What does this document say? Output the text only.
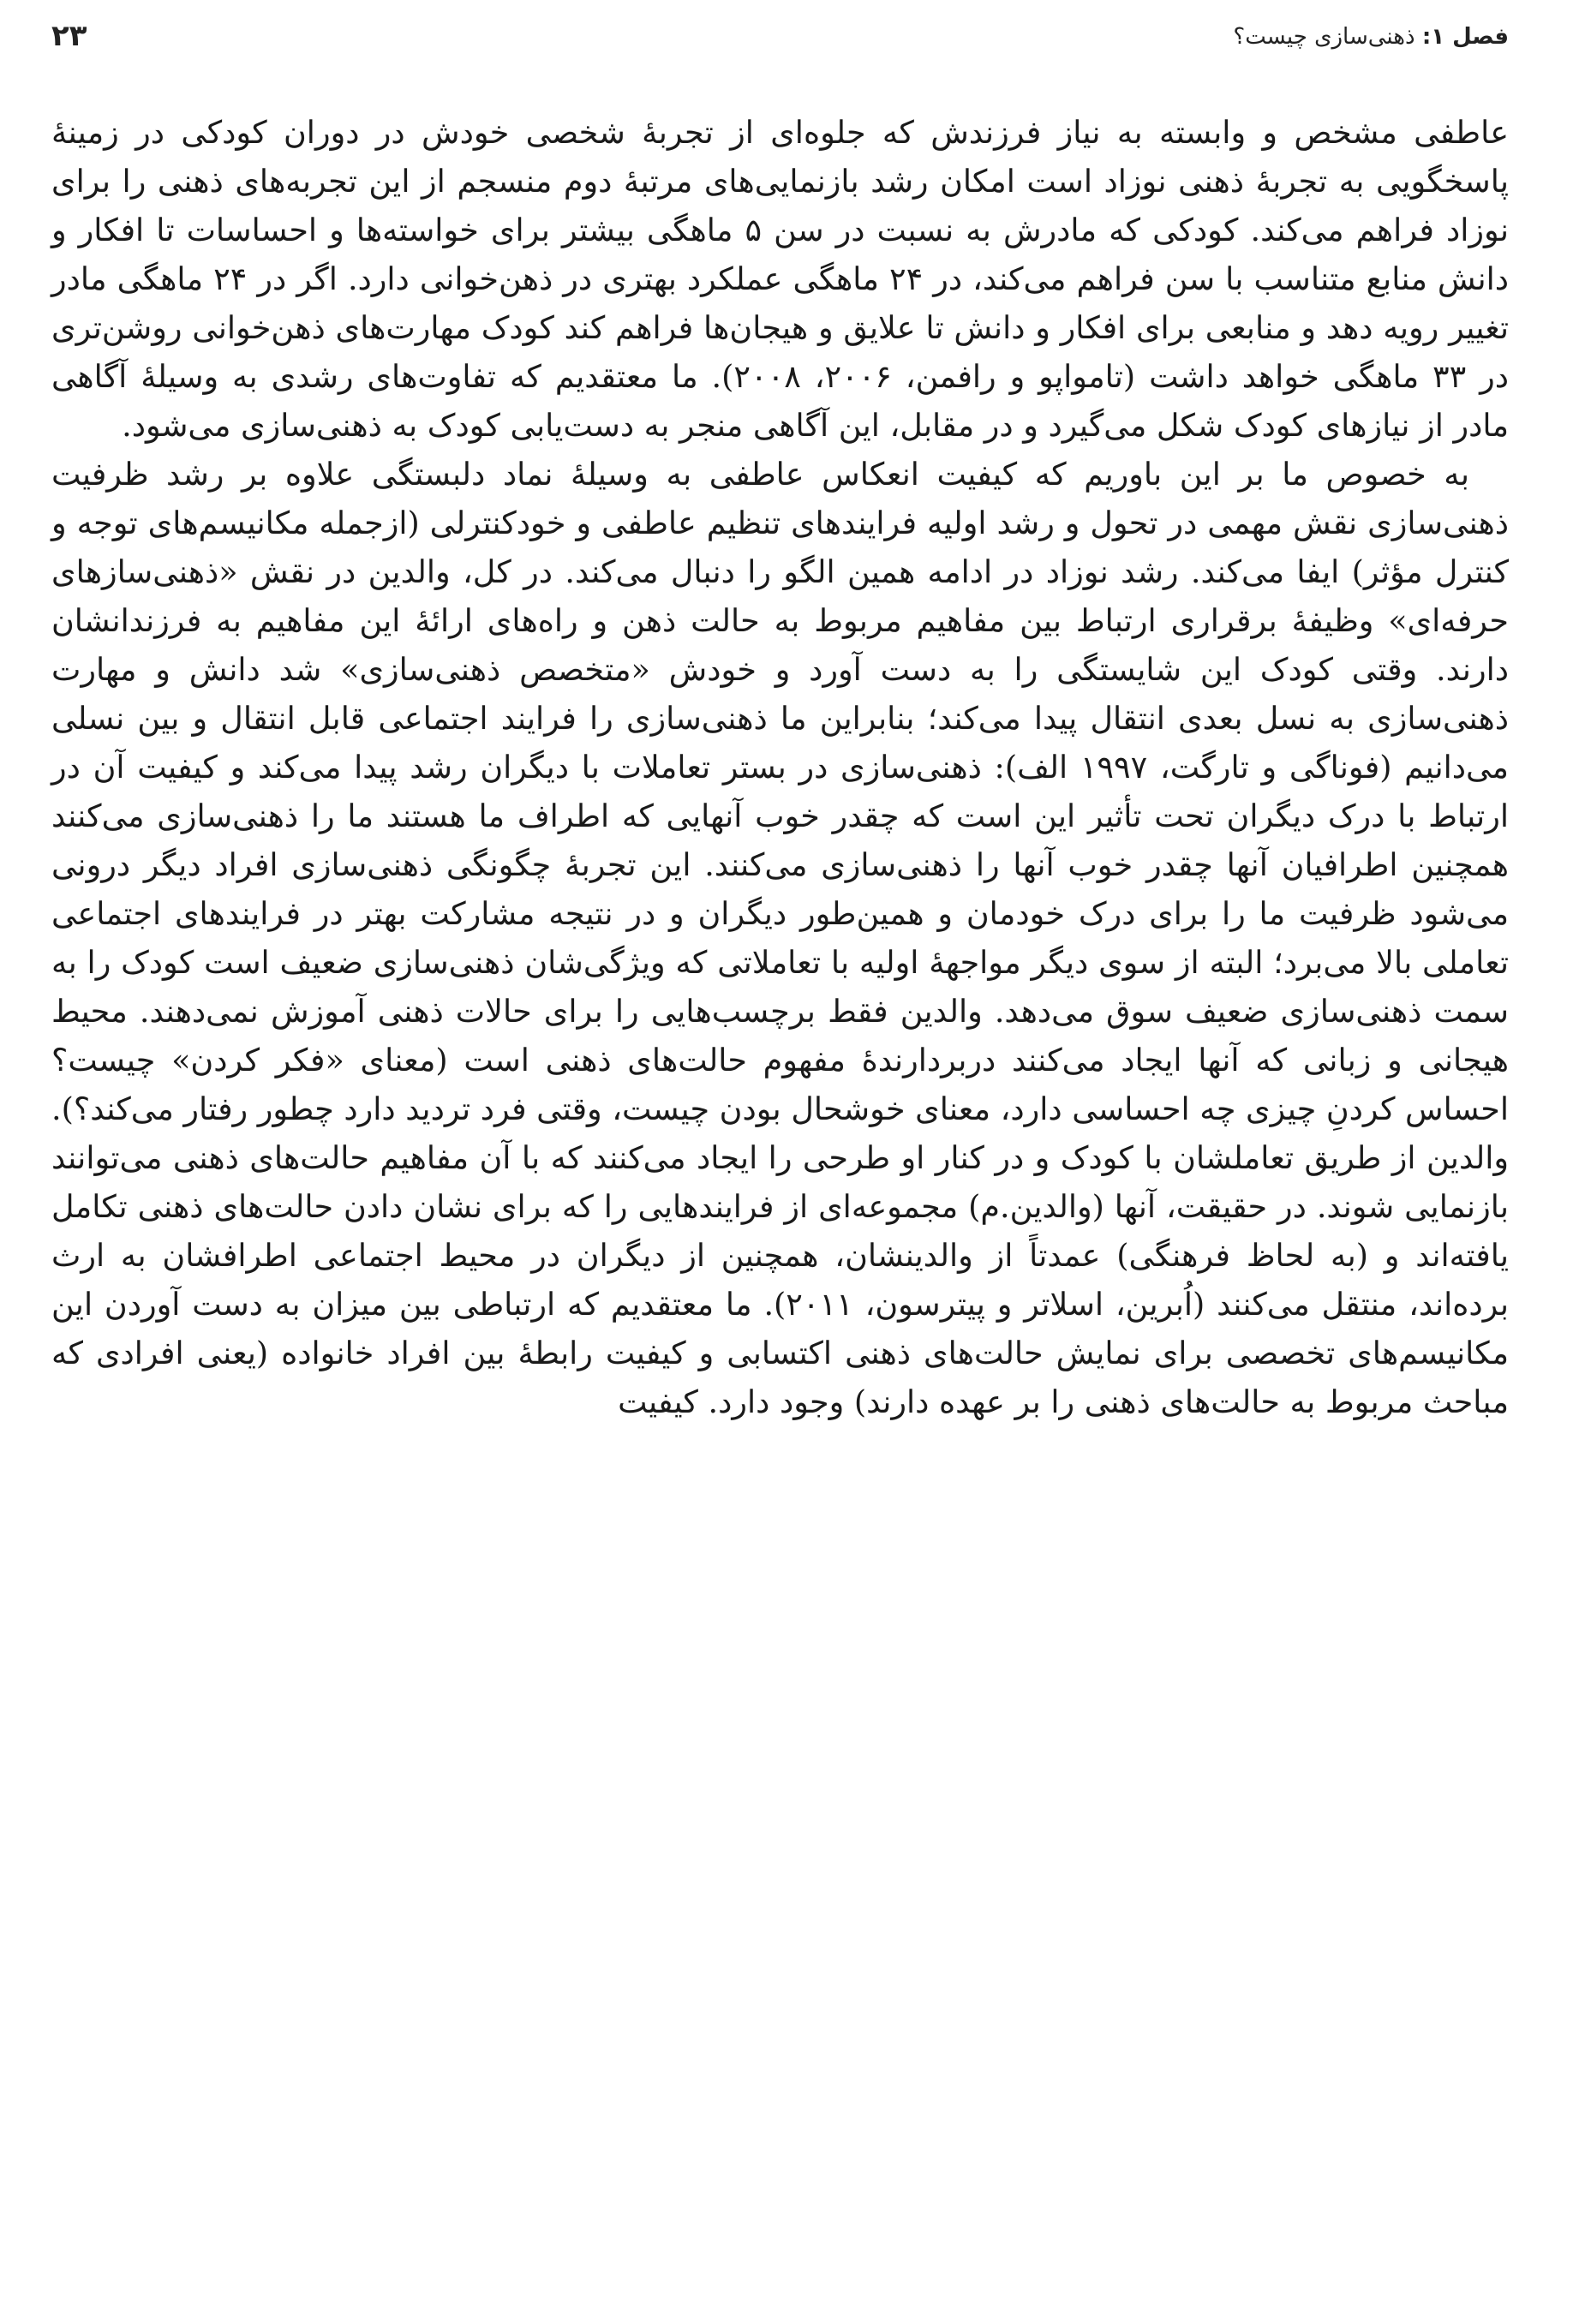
فصل ۱: ذهنی‌سازی چیست؟
۲۳

عاطفی مشخص و وابسته به نیاز فرزندش که جلوه‌ای از تجربهٔ شخصی خودش در دوران کودکی در زمینهٔ پاسخگویی به تجربهٔ ذهنی نوزاد است امکان رشد بازنمایی‌های مرتبهٔ دوم منسجم از این تجربه‌های ذهنی را برای نوزاد فراهم می‌کند. کودکی که مادرش به نسبت در سن ۵ ماهگی بیشتر برای خواسته‌ها و احساسات تا افکار و دانش منابع متناسب با سن فراهم می‌کند، در ۲۴ ماهگی عملکرد بهتری در ذهن‌خوانی دارد. اگر در ۲۴ ماهگی مادر تغییر رویه دهد و منابعی برای افکار و دانش تا علایق و هیجان‌ها فراهم کند کودک مهارت‌های ذهن‌خوانی روشن‌تری در ۳۳ ماهگی خواهد داشت (تامواپو و رافمن، ۲۰۰۶، ۲۰۰۸). ما معتقدیم که تفاوت‌های رشدی به وسیلهٔ آگاهی مادر از نیازهای کودک شکل می‌گیرد و در مقابل، این آگاهی منجر به دست‌یابی کودک به ذهنی‌سازی می‌شود.

به خصوص ما بر این باوریم که کیفیت انعکاس عاطفی به وسیلهٔ نماد دلبستگی علاوه بر رشد ظرفیت ذهنی‌سازی نقش مهمی در تحول و رشد اولیه فرایندهای تنظیم عاطفی و خودکنترلی (ازجمله مکانیسم‌های توجه و کنترل مؤثر) ایفا می‌کند. رشد نوزاد در ادامه همین الگو را دنبال می‌کند. در کل، والدین در نقش «ذهنی‌سازهای حرفه‌ای» وظیفهٔ برقراری ارتباط بین مفاهیم مربوط به حالت ذهن و راه‌های ارائهٔ این مفاهیم به فرزندانشان دارند. وقتی کودک این شایستگی را به دست آورد و خودش «متخصص ذهنی‌سازی» شد دانش و مهارت ذهنی‌سازی به نسل بعدی انتقال پیدا می‌کند؛ بنابراین ما ذهنی‌سازی را فرایند اجتماعی قابل انتقال و بین نسلی می‌دانیم (فوناگی و تارگت، ۱۹۹۷ الف): ذهنی‌سازی در بستر تعاملات با دیگران رشد پیدا می‌کند و کیفیت آن در ارتباط با درک دیگران تحت تأثیر این است که چقدر خوب آنهایی که اطراف ما هستند ما را ذهنی‌سازی می‌کنند همچنین اطرافیان آنها چقدر خوب آنها را ذهنی‌سازی می‌کنند. این تجربهٔ چگونگی ذهنی‌سازی افراد دیگر درونی می‌شود ظرفیت ما را برای درک خودمان و همین‌طور دیگران و در نتیجه مشارکت بهتر در فرایندهای اجتماعی تعاملی بالا می‌برد؛ البته از سوی دیگر مواجههٔ اولیه با تعاملاتی که ویژگی‌شان ذهنی‌سازی ضعیف است کودک را به سمت ذهنی‌سازی ضعیف سوق می‌دهد. والدین فقط برچسب‌هایی را برای حالات ذهنی آموزش نمی‌دهند. محیط هیجانی و زبانی که آنها ایجاد می‌کنند دربردارندهٔ مفهوم حالت‌های ذهنی است (معنای «فکر کردن» چیست؟ احساس کردنِ چیزی چه احساسی دارد، معنای خوشحال بودن چیست، وقتی فرد تردید دارد چطور رفتار می‌کند؟). والدین از طریق تعاملشان با کودک و در کنار او طرحی را ایجاد می‌کنند که با آن مفاهیم حالت‌های ذهنی می‌توانند بازنمایی شوند. در حقیقت، آنها (والدین.م) مجموعه‌ای از فرایندهایی را که برای نشان دادن حالت‌های ذهنی تکامل یافته‌اند و (به لحاظ فرهنگی) عمدتاً از والدینشان، همچنین از دیگران در محیط اجتماعی اطرافشان به ارث برده‌اند، منتقل می‌کنند (اُبرین، اسلاتر و پیترسون، ۲۰۱۱). ما معتقدیم که ارتباطی بین میزان به دست آوردن این مکانیسم‌های تخصصی برای نمایش حالت‌های ذهنی اکتسابی و کیفیت رابطهٔ بین افراد خانواده (یعنی افرادی که مباحث مربوط به حالت‌های ذهنی را بر عهده دارند) وجود دارد. کیفیت
